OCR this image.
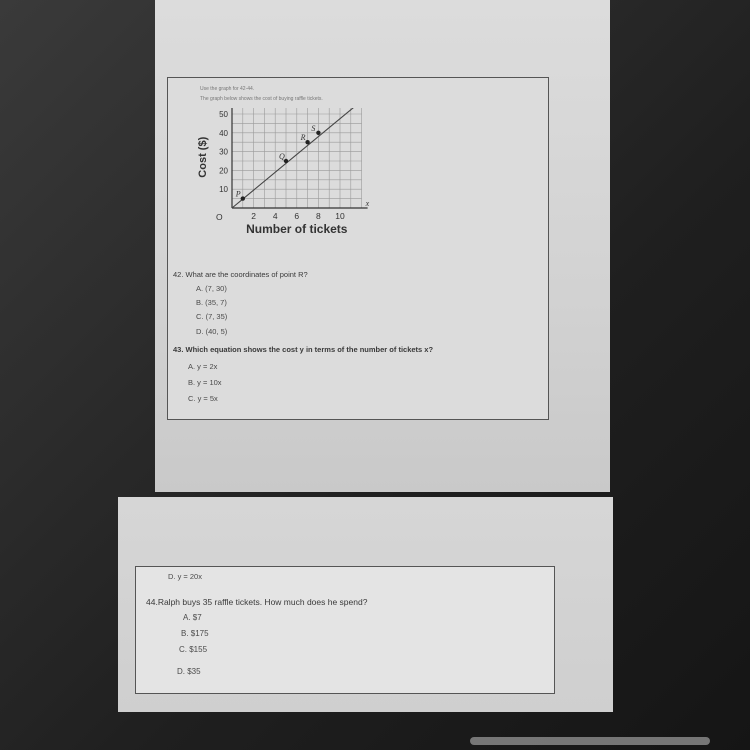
Use the graph for 42-44.
The graph below shows the cost of buying raffle tickets.
2 4 6 8 10
10
20
30
40
50
P
Q
R
S
O
x
Number of tickets
Cost ($)
42. What are the coordinates of point R?
A. (7, 30)
B. (35, 7)
C. (7, 35)
D. (40, 5)
43. Which equation shows the cost y in terms of the number of tickets x?
A. y = 2x
B. y = 10x
C. y = 5x
D. y = 20x
44.Ralph buys 35 raffle tickets. How much does he spend?
A. $7
B. $175
C. $155
D. $35
